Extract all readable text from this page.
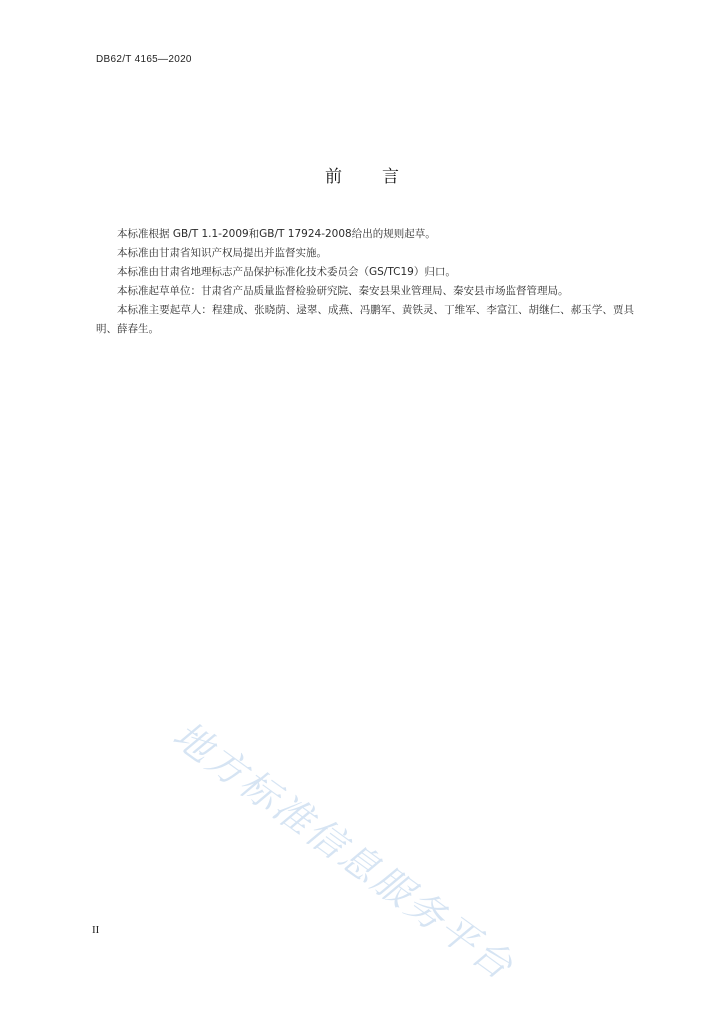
DB62/T 4165—2020
前言

本标准根据 GB/T 1.1-2009和GB/T 17924-2008给出的规则起草。

本标准由甘肃省知识产权局提出并监督实施。

本标准由甘肃省地理标志产品保护标准化技术委员会（GS/TC19）归口。

本标准起草单位：甘肃省产品质量监督检验研究院、秦安县果业管理局、秦安县市场监督管理局。

本标准主要起草人：程建成、张晓荫、逯翠、成燕、冯鹏军、黄铁灵、丁维军、李富江、胡继仁、郝玉学、贾具明、薛春生。

地方标准信息服务平台
II
